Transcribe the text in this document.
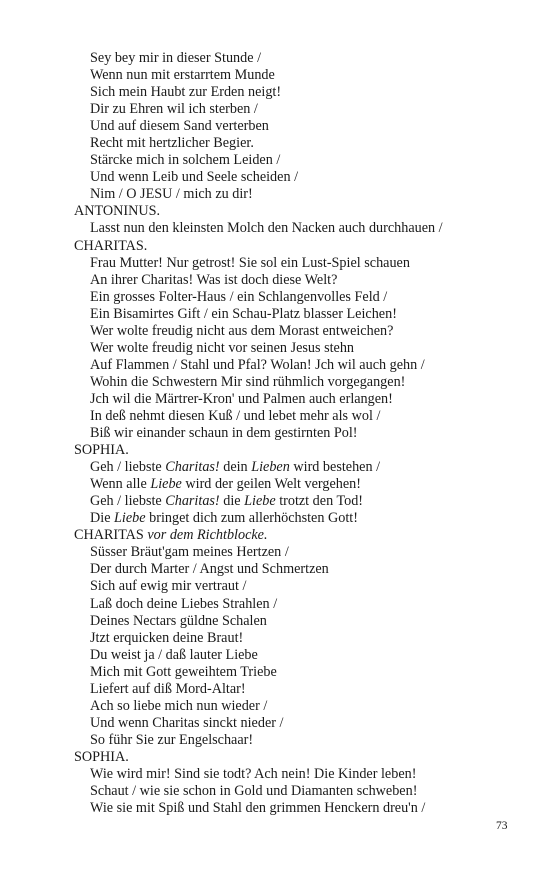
Sey bey mir in dieser Stunde /
Wenn nun mit erstarrtem Munde
Sich mein Haubt zur Erden neigt!
Dir zu Ehren wil ich sterben /
Und auf diesem Sand verterben
Recht mit hertzlicher Begier.
Stärcke mich in solchem Leiden /
Und wenn Leib und Seele scheiden /
Nim / O JESU / mich zu dir!
ANTONINUS.
Lasst nun den kleinsten Molch den Nacken auch durchhauen /
CHARITAS.
Frau Mutter! Nur getrost! Sie sol ein Lust-Spiel schauen
An ihrer Charitas! Was ist doch diese Welt?
Ein grosses Folter-Haus / ein Schlangenvolles Feld /
Ein Bisamirtes Gift / ein Schau-Platz blasser Leichen!
Wer wolte freudig nicht aus dem Morast entweichen?
Wer wolte freudig nicht vor seinen Jesus stehn
Auf Flammen / Stahl und Pfal? Wolan! Jch wil auch gehn /
Wohin die Schwestern Mir sind rühmlich vorgegangen!
Jch wil die Märtrer-Kron' und Palmen auch erlangen!
In deß nehmt diesen Kuß / und lebet mehr als wol /
Biß wir einander schaun in dem gestirnten Pol!
SOPHIA.
Geh / liebste Charitas! dein Lieben wird bestehen /
Wenn alle Liebe wird der geilen Welt vergehen!
Geh / liebste Charitas! die Liebe trotzt den Tod!
Die Liebe bringet dich zum allerhöchsten Gott!
CHARITAS vor dem Richtblocke.
Süsser Bräut'gam meines Hertzen /
Der durch Marter / Angst und Schmertzen
Sich auf ewig mir vertraut /
Laß doch deine Liebes Strahlen /
Deines Nectars güldne Schalen
Jtzt erquicken deine Braut!
Du weist ja / daß lauter Liebe
Mich mit Gott geweihtem Triebe
Liefert auf diß Mord-Altar!
Ach so liebe mich nun wieder /
Und wenn Charitas sinckt nieder /
So führ Sie zur Engelschaar!
SOPHIA.
Wie wird mir! Sind sie todt? Ach nein! Die Kinder leben!
Schaut / wie sie schon in Gold und Diamanten schweben!
Wie sie mit Spiß und Stahl den grimmen Henckern dreu'n /
73
